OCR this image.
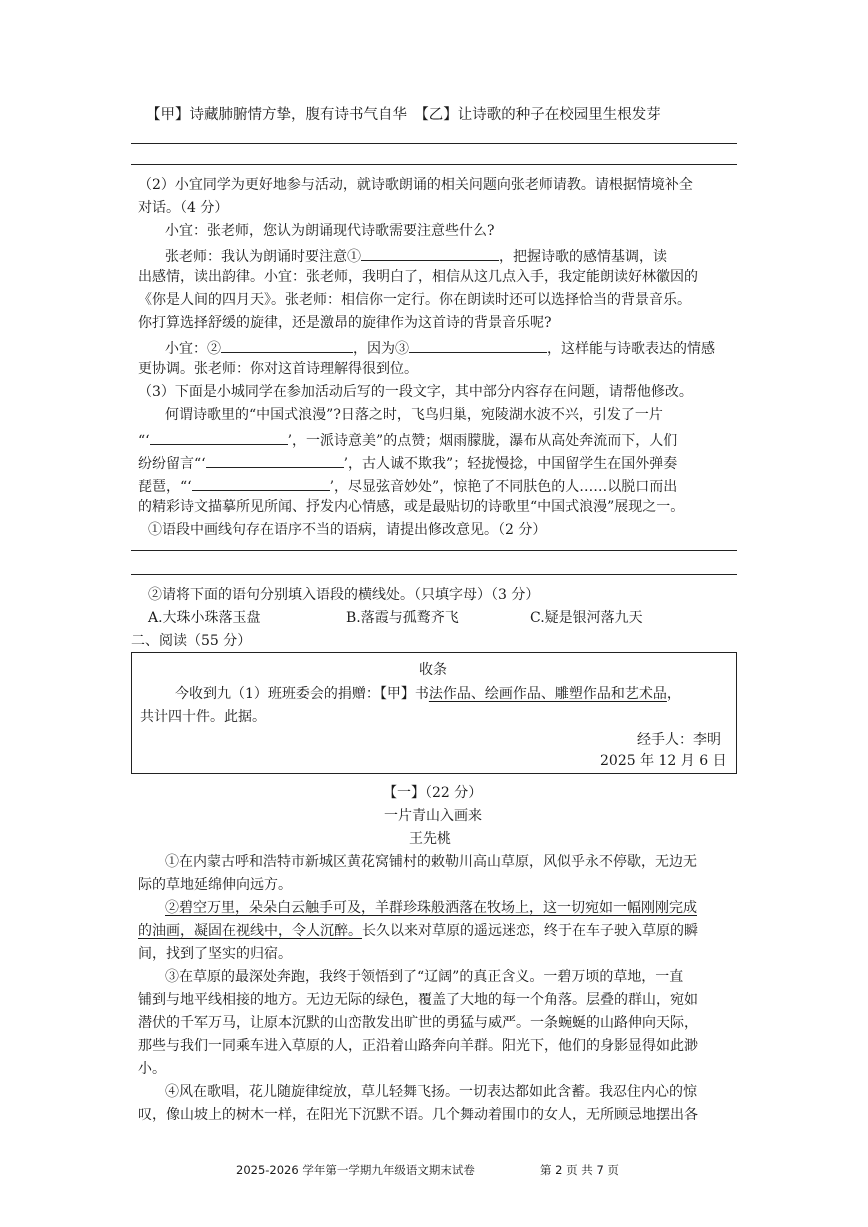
【甲】诗藏肺腑情方挚，腹有诗书气自华　【乙】让诗歌的种子在校园里生根发芽
（2）小宜同学为更好地参与活动，就诗歌朗诵的相关问题向张老师请教。请根据情境补全
对话。（4 分）
小宜：张老师，您认为朗诵现代诗歌需要注意些什么?
张老师：我认为朗诵时要注意①	，把握诗歌的感情基调，读
出感情，读出韵律。小宜：张老师，我明白了，相信从这几点入手，我定能朗读好林徽因的
《你是人间的四月天》。张老师：相信你一定行。你在朗读时还可以选择恰当的背景音乐。
你打算选择舒缓的旋律，还是激昂的旋律作为这首诗的背景音乐呢?
小宜：②	，因为③	，这样能与诗歌表达的情感
更协调。张老师：你对这首诗理解得很到位。
（3）下面是小城同学在参加活动后写的一段文字，其中部分内容存在问题，请帮他修改。
何谓诗歌里的“中国式浪漫”?日落之时，飞鸟归巢，宛陵湖水波不兴，引发了一片
“‘	’，一派诗意美”的点赞；烟雨朦胧，瀑布从高处奔流而下，人们
纷纷留言“‘	’，古人诚不欺我”；轻拢慢捻，中国留学生在国外弹奏
琵琶，“‘	’，尽显弦音妙处”，惊艳了不同肤色的人……以脱口而出
的精彩诗文描摹所见所闻、抒发内心情感，或是最贴切的诗歌里“中国式浪漫”展现之一。
①语段中画线句存在语序不当的语病，请提出修改意见。（2 分）
②请将下面的语句分别填入语段的横线处。（只填字母）（3 分）
A.大珠小珠落玉盘	B.落霞与孤鹜齐飞	C.疑是银河落九天
二、阅读（55 分）
收条
今收到九（1）班班委会的捐赠：【甲】书法作品、绘画作品、雕塑作品和艺术品，
共计四十件。此据。
经手人：李明
2025 年 12 月 6 日
【一】（22 分）
一片青山入画来
王先桃
①在内蒙古呼和浩特市新城区黄花窝铺村的敕勒川高山草原，风似乎永不停歇，无边无
际的草地延绵伸向远方。
②碧空万里，朵朵白云触手可及，羊群珍珠般洒落在牧场上，这一切宛如一幅刚刚完成
的油画，凝固在视线中，令人沉醉。长久以来对草原的遥远迷恋，终于在车子驶入草原的瞬
间，找到了坚实的归宿。
③在草原的最深处奔跑，我终于领悟到了“辽阔”的真正含义。一碧万顷的草地，一直
铺到与地平线相接的地方。无边无际的绿色，覆盖了大地的每一个角落。层叠的群山，宛如
潜伏的千军万马，让原本沉默的山峦散发出旷世的勇猛与威严。一条蜿蜒的山路伸向天际，
那些与我们一同乘车进入草原的人，正沿着山路奔向羊群。阳光下，他们的身影显得如此渺
小。
④风在歌唱，花儿随旋律绽放，草儿轻舞飞扬。一切表达都如此含蓄。我忍住内心的惊
叹，像山坡上的树木一样，在阳光下沉默不语。几个舞动着围巾的女人，无所顾忌地摆出各
2025-2026 学年第一学期九年级语文期末试卷	第 2 页 共 7 页
